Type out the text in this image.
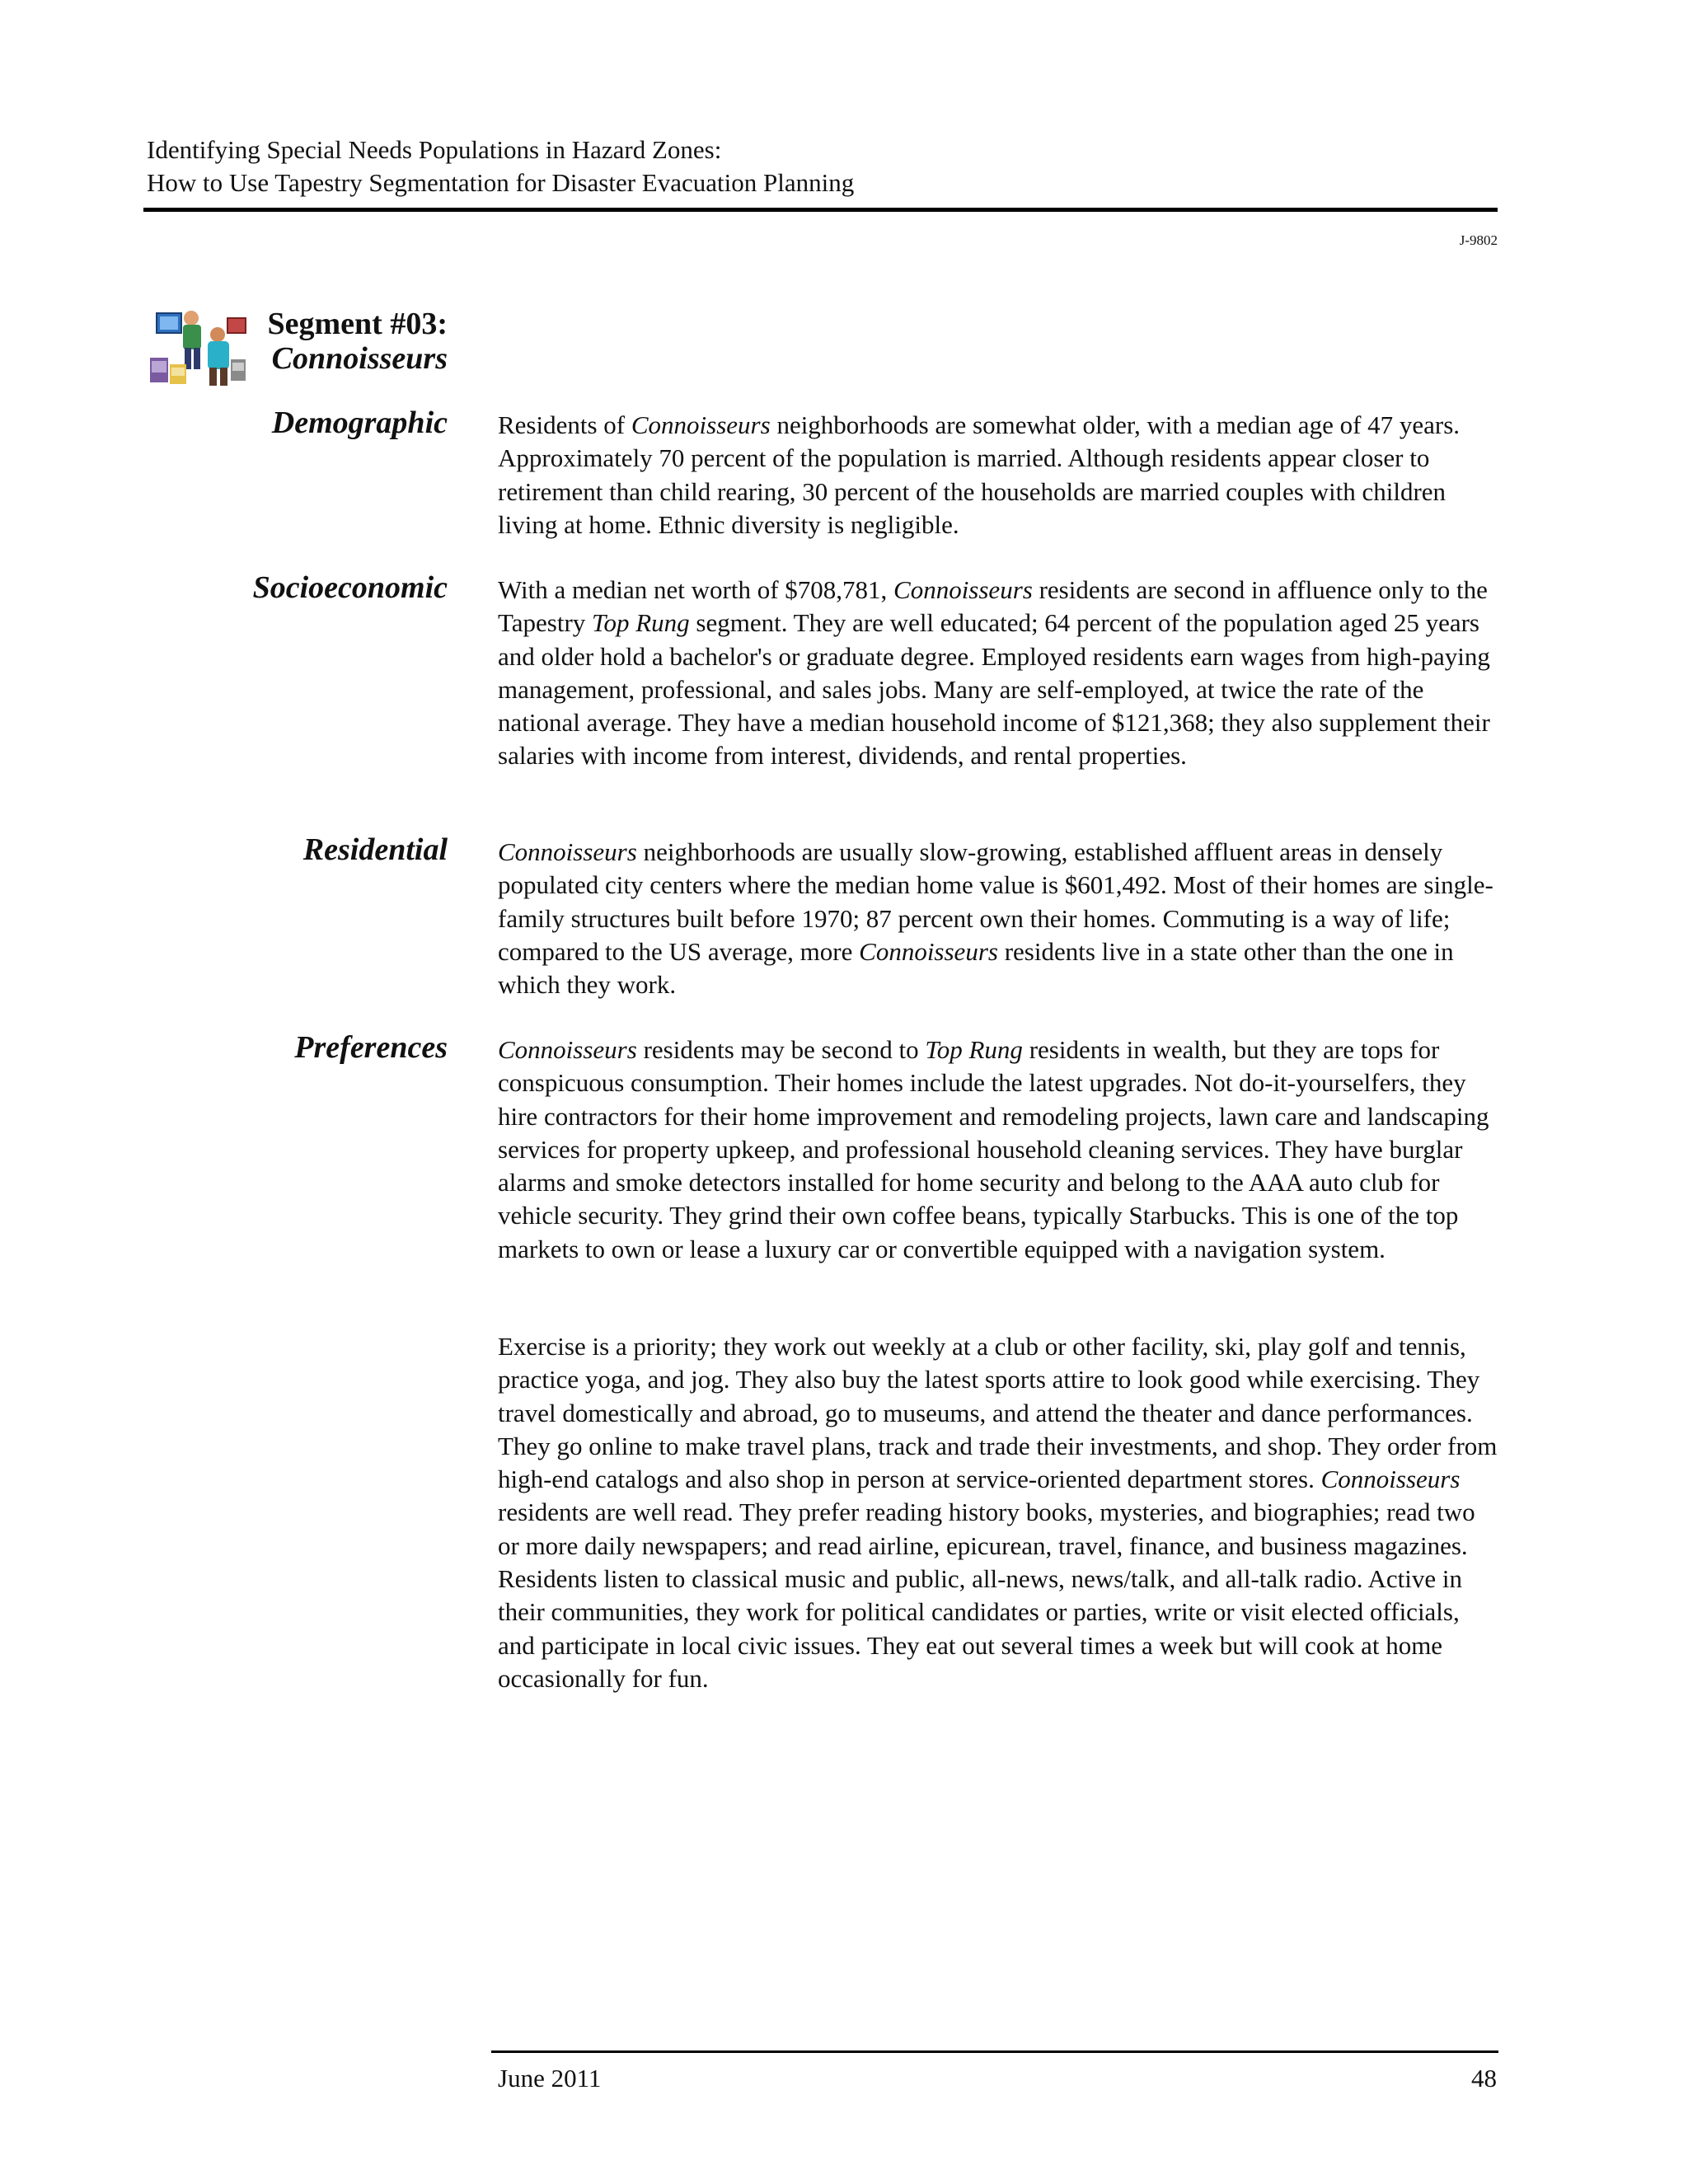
Identifying Special Needs Populations in Hazard Zones:
How to Use Tapestry Segmentation for Disaster Evacuation Planning
J-9802
Segment #03:
Connoisseurs
Demographic Residents of Connoisseurs neighborhoods are somewhat older, with a median age of 47 years. Approximately 70 percent of the population is married. Although residents appear closer to retirement than child rearing, 30 percent of the households are married couples with children living at home. Ethnic diversity is negligible.

Socioeconomic With a median net worth of $708,781, Connoisseurs residents are second in affluence only to the Tapestry Top Rung segment. They are well educated; 64 percent of the population aged 25 years and older hold a bachelor's or graduate degree. Employed residents earn wages from high-paying management, professional, and sales jobs. Many are self-employed, at twice the rate of the national average. They have a median household income of $121,368; they also supplement their salaries with income from interest, dividends, and rental properties.

Residential Connoisseurs neighborhoods are usually slow-growing, established affluent areas in densely populated city centers where the median home value is $601,492. Most of their homes are single-family structures built before 1970; 87 percent own their homes. Commuting is a way of life; compared to the US average, more Connoisseurs residents live in a state other than the one in which they work.

Preferences Connoisseurs residents may be second to Top Rung residents in wealth, but they are tops for conspicuous consumption. Their homes include the latest upgrades. Not do-it-yourselfers, they hire contractors for their home improvement and remodeling projects, lawn care and landscaping services for property upkeep, and professional household cleaning services. They have burglar alarms and smoke detectors installed for home security and belong to the AAA auto club for vehicle security. They grind their own coffee beans, typically Starbucks. This is one of the top markets to own or lease a luxury car or convertible equipped with a navigation system.

Exercise is a priority; they work out weekly at a club or other facility, ski, play golf and tennis, practice yoga, and jog. They also buy the latest sports attire to look good while exercising. They travel domestically and abroad, go to museums, and attend the theater and dance performances. They go online to make travel plans, track and trade their investments, and shop. They order from high-end catalogs and also shop in person at service-oriented department stores. Connoisseurs residents are well read. They prefer reading history books, mysteries, and biographies; read two or more daily newspapers; and read airline, epicurean, travel, finance, and business magazines. Residents listen to classical music and public, all-news, news/talk, and all-talk radio. Active in their communities, they work for political candidates or parties, write or visit elected officials, and participate in local civic issues. They eat out several times a week but will cook at home occasionally for fun.

June 2011	48
